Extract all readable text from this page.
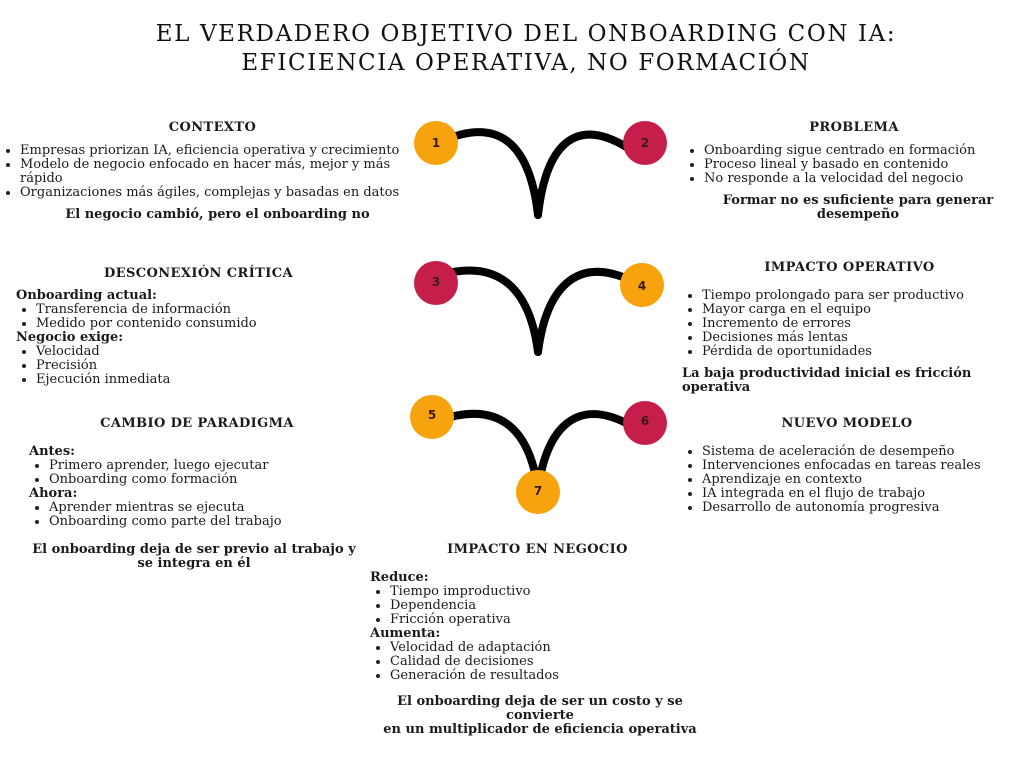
EL VERDADERO OBJETIVO DEL ONBOARDING CON IA:
EFICIENCIA OPERATIVA, NO FORMACIÓN
1	2
3	4
5	6
7
CONTEXTO
Empresas priorizan IA, eficiencia operativa y crecimiento
Modelo de negocio enfocado en hacer más, mejor y más rápido
Organizaciones más ágiles, complejas y basadas en datos
El negocio cambió, pero el onboarding no
PROBLEMA
Onboarding sigue centrado en formación
Proceso lineal y basado en contenido
No responde a la velocidad del negocio
Formar no es suficiente para generar desempeño
DESCONEXIÓN CRÍTICA
Onboarding actual:
Transferencia de información
Medido por contenido consumido
Negocio exige:
Velocidad
Precisión
Ejecución inmediata
IMPACTO OPERATIVO
Tiempo prolongado para ser productivo
Mayor carga en el equipo
Incremento de errores
Decisiones más lentas
Pérdida de oportunidades
La baja productividad inicial es fricción operativa
CAMBIO DE PARADIGMA
Antes:
Primero aprender, luego ejecutar
Onboarding como formación
Ahora:
Aprender mientras se ejecuta
Onboarding como parte del trabajo
El onboarding deja de ser previo al trabajo y se integra en él
NUEVO MODELO
Sistema de aceleración de desempeño
Intervenciones enfocadas en tareas reales
Aprendizaje en contexto
IA integrada en el flujo de trabajo
Desarrollo de autonomía progresiva
IMPACTO EN NEGOCIO
Reduce:
Tiempo improductivo
Dependencia
Fricción operativa
Aumenta:
Velocidad de adaptación
Calidad de decisiones
Generación de resultados
El onboarding deja de ser un costo y se convierte
en un multiplicador de eficiencia operativa
